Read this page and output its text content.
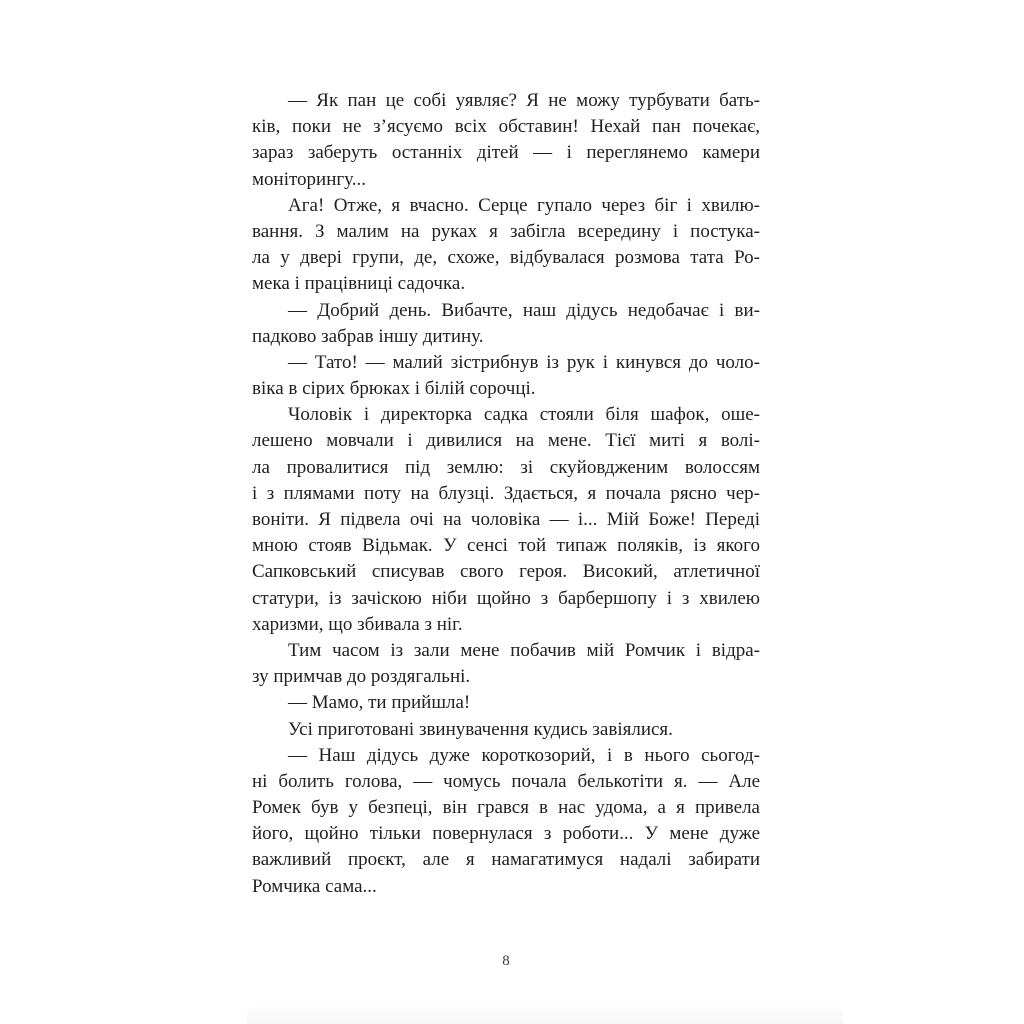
— Як пан це собі уявляє? Я не можу турбувати бать-
ків, поки не з’ясуємо всіх обставин! Нехай пан почекає,
зараз заберуть останніх дітей — і переглянемо камери
моніторингу...
Ага! Отже, я вчасно. Серце гупало через біг і хвилю-
вання. З малим на руках я забігла всередину і постука-
ла у двері групи, де, схоже, відбувалася розмова тата Ро-
мека і працівниці садочка.
— Добрий день. Вибачте, наш дідусь недобачає і ви-
падково забрав іншу дитину.
— Тато! — малий зістрибнув із рук і кинувся до чоло-
віка в сірих брюках і білій сорочці.
Чоловік і директорка садка стояли біля шафок, оше-
лешено мовчали і дивилися на мене. Тієї миті я волі-
ла провалитися під землю: зі скуйовдженим волоссям
і з плямами поту на блузці. Здається, я почала рясно чер-
воніти. Я підвела очі на чоловіка — і... Мій Боже! Переді
мною стояв Відьмак. У сенсі той типаж поляків, із якого
Сапковський списував свого героя. Високий, атлетичної
статури, із зачіскою ніби щойно з барбершопу і з хвилею
харизми, що збивала з ніг.
Тим часом із зали мене побачив мій Ромчик і відра-
зу примчав до роздягальні.
— Мамо, ти прийшла!
Усі приготовані звинувачення кудись завіялися.
— Наш дідусь дуже короткозорий, і в нього сьогод-
ні болить голова, — чомусь почала белькотіти я. — Але
Ромек був у безпеці, він грався в нас удома, а я привела
його, щойно тільки повернулася з роботи... У мене дуже
важливий проєкт, але я намагатимуся надалі забирати
Ромчика сама...
8
